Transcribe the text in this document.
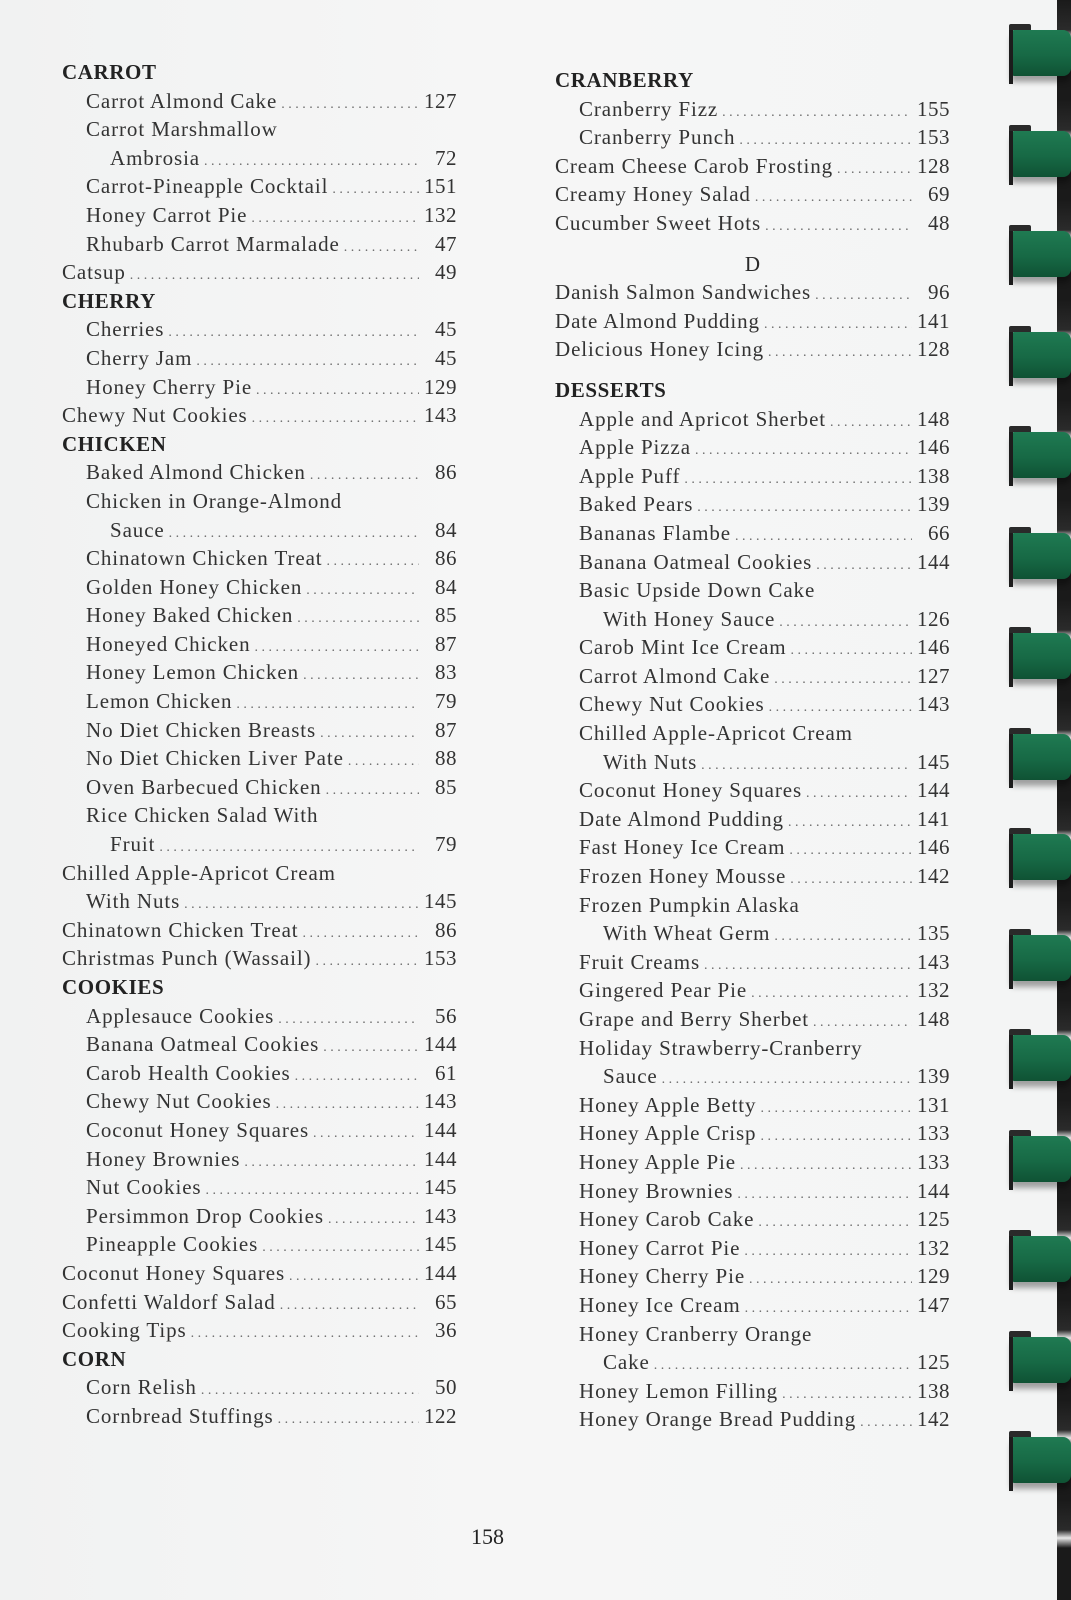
CARROT
Carrot Almond Cake . . .	127
Carrot Marshmallow
Ambrosia . . .	72
Carrot-Pineapple Cocktail . . .	151
Honey Carrot Pie . . .	132
Rhubarb Carrot Marmalade . . .	47
Catsup . . .	49
CHERRY
Cherries . . .	45
Cherry Jam . . .	45
Honey Cherry Pie . . .	129
Chewy Nut Cookies . . .	143
CHICKEN
Baked Almond Chicken . . .	86
Chicken in Orange-Almond
Sauce . . .	84
Chinatown Chicken Treat . . .	86
Golden Honey Chicken . . .	84
Honey Baked Chicken . . .	85
Honeyed Chicken . . .	87
Honey Lemon Chicken . . .	83
Lemon Chicken . . .	79
No Diet Chicken Breasts . . .	87
No Diet Chicken Liver Pate . . .	88
Oven Barbecued Chicken . . .	85
Rice Chicken Salad With
Fruit . . .	79
Chilled Apple-Apricot Cream
With Nuts . . .	145
Chinatown Chicken Treat . . .	86
Christmas Punch (Wassail) . . .	153
COOKIES
Applesauce Cookies . . .	56
Banana Oatmeal Cookies . . .	144
Carob Health Cookies . . .	61
Chewy Nut Cookies . . .	143
Coconut Honey Squares . . .	144
Honey Brownies . . .	144
Nut Cookies . . .	145
Persimmon Drop Cookies . . .	143
Pineapple Cookies . . .	145
Coconut Honey Squares . . .	144
Confetti Waldorf Salad . . .	65
Cooking Tips . . .	36
CORN
Corn Relish . . .	50
Cornbread Stuffings . . .	122
CRANBERRY
Cranberry Fizz . . .	155
Cranberry Punch . . .	153
Cream Cheese Carob Frosting . . .	128
Creamy Honey Salad . . .	69
Cucumber Sweet Hots . . .	48
D
Danish Salmon Sandwiches . . .	96
Date Almond Pudding . . .	141
Delicious Honey Icing . . .	128
DESSERTS
Apple and Apricot Sherbet . . .	148
Apple Pizza . . .	146
Apple Puff . . .	138
Baked Pears . . .	139
Bananas Flambe . . .	66
Banana Oatmeal Cookies . . .	144
Basic Upside Down Cake
With Honey Sauce . . .	126
Carob Mint Ice Cream . . .	146
Carrot Almond Cake . . .	127
Chewy Nut Cookies . . .	143
Chilled Apple-Apricot Cream
With Nuts . . .	145
Coconut Honey Squares . . .	144
Date Almond Pudding . . .	141
Fast Honey Ice Cream . . .	146
Frozen Honey Mousse . . .	142
Frozen Pumpkin Alaska
With Wheat Germ . . .	135
Fruit Creams . . .	143
Gingered Pear Pie . . .	132
Grape and Berry Sherbet . . .	148
Holiday Strawberry-Cranberry
Sauce . . .	139
Honey Apple Betty . . .	131
Honey Apple Crisp . . .	133
Honey Apple Pie . . .	133
Honey Brownies . . .	144
Honey Carob Cake . . .	125
Honey Carrot Pie . . .	132
Honey Cherry Pie . . .	129
Honey Ice Cream . . .	147
Honey Cranberry Orange
Cake . . .	125
Honey Lemon Filling . . .	138
Honey Orange Bread Pudding . . .	142
158
